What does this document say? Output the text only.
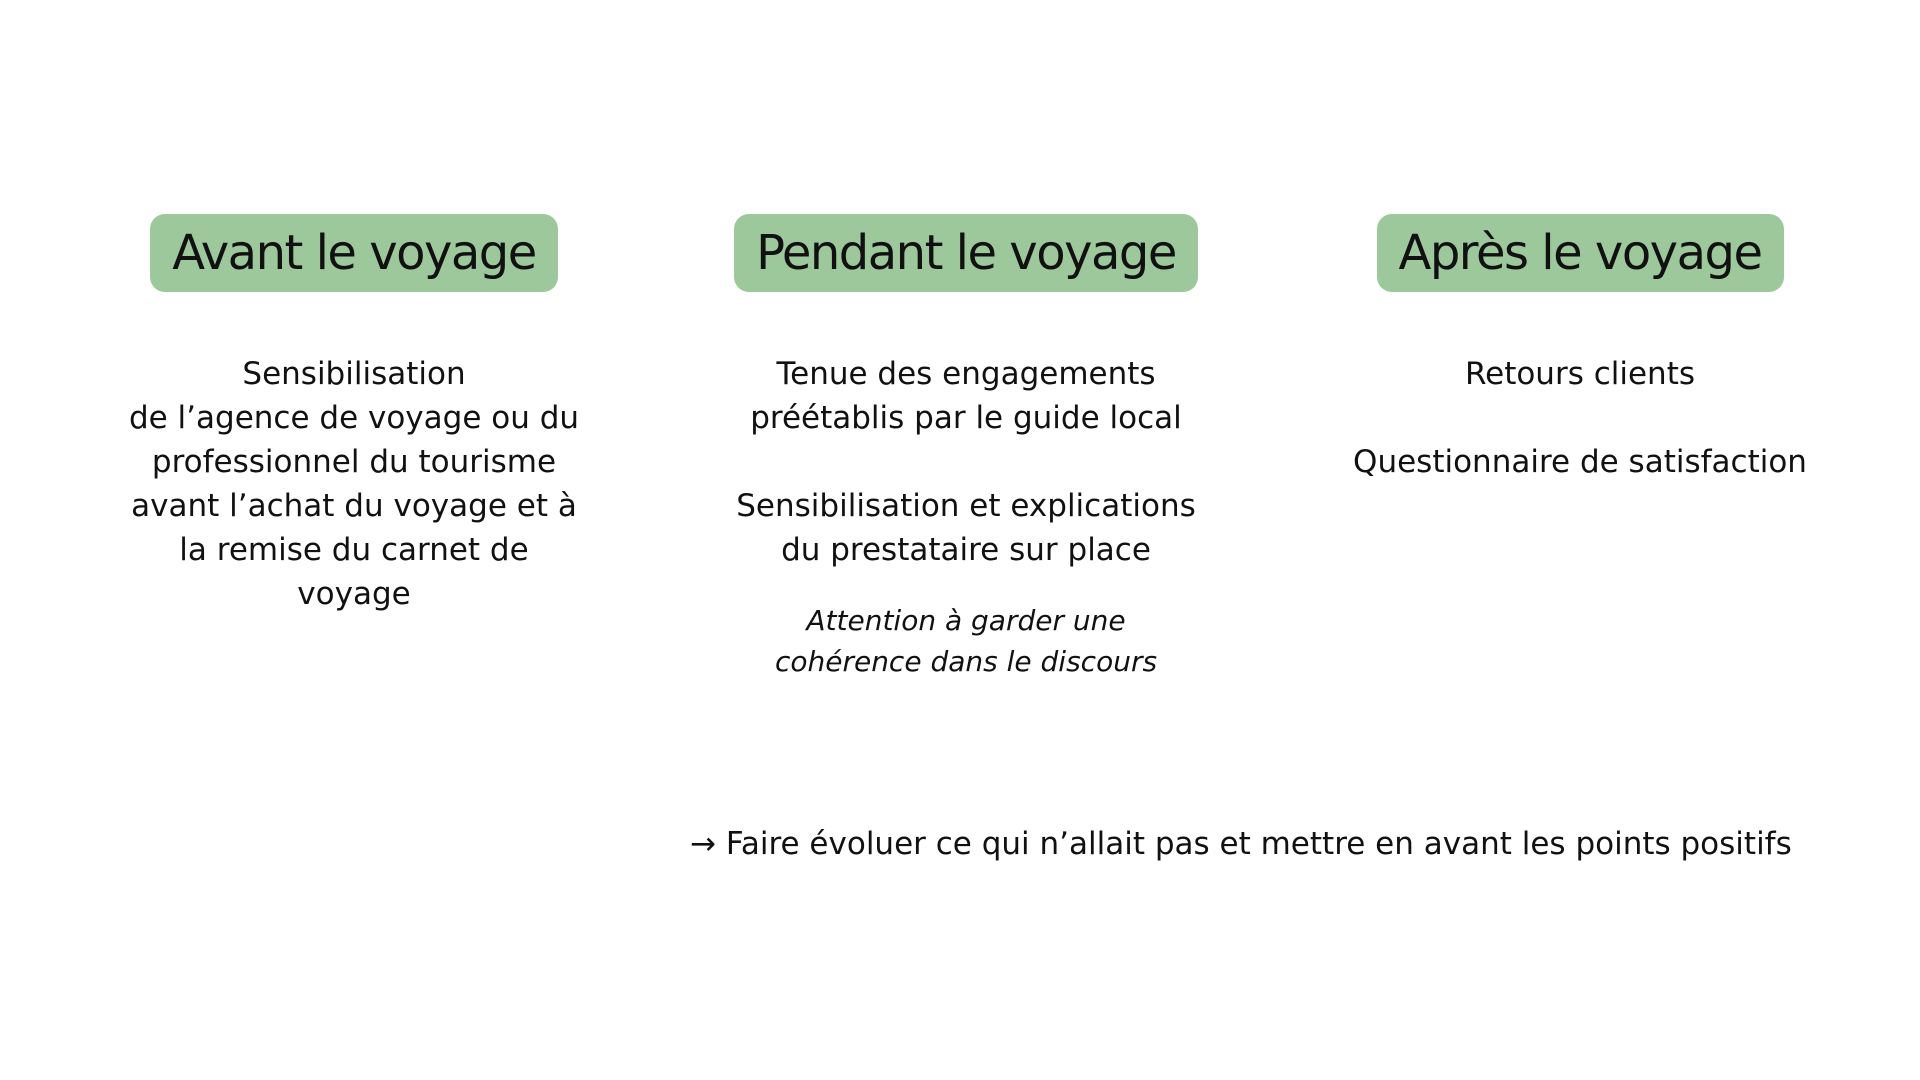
Avant le voyage
Sensibilisation
de l’agence de voyage ou du
professionnel du tourisme
avant l’achat du voyage et à
la remise du carnet de
voyage
Pendant le voyage
Tenue des engagements
préétablis par le guide local
Sensibilisation et explications
du prestataire sur place
Attention à garder une
cohérence dans le discours
Après le voyage
Retours clients
Questionnaire de satisfaction
→ Faire évoluer ce qui n’allait pas et mettre en avant les points positifs
